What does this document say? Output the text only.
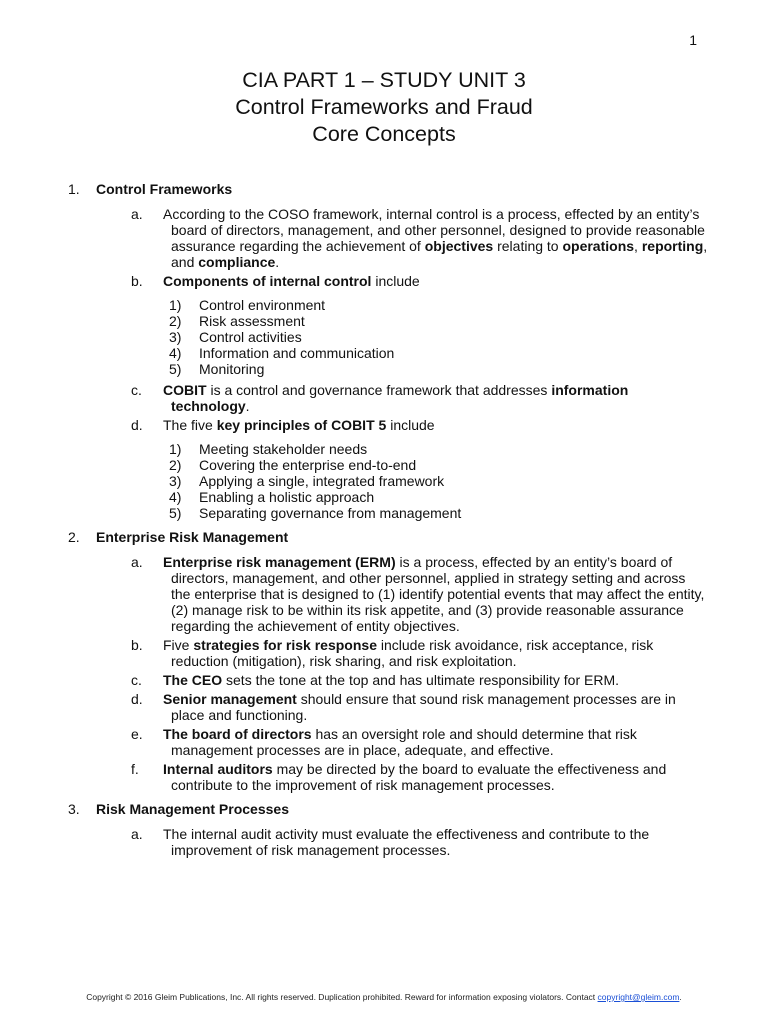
1
CIA PART 1 – STUDY UNIT 3
Control Frameworks and Fraud
Core Concepts
1. Control Frameworks
a. According to the COSO framework, internal control is a process, effected by an entity’s board of directors, management, and other personnel, designed to provide reasonable assurance regarding the achievement of objectives relating to operations, reporting, and compliance.
b. Components of internal control include
1) Control environment
2) Risk assessment
3) Control activities
4) Information and communication
5) Monitoring
c. COBIT is a control and governance framework that addresses information technology.
d. The five key principles of COBIT 5 include
1) Meeting stakeholder needs
2) Covering the enterprise end-to-end
3) Applying a single, integrated framework
4) Enabling a holistic approach
5) Separating governance from management
2. Enterprise Risk Management
a. Enterprise risk management (ERM) is a process, effected by an entity’s board of directors, management, and other personnel, applied in strategy setting and across the enterprise that is designed to (1) identify potential events that may affect the entity, (2) manage risk to be within its risk appetite, and (3) provide reasonable assurance regarding the achievement of entity objectives.
b. Five strategies for risk response include risk avoidance, risk acceptance, risk reduction (mitigation), risk sharing, and risk exploitation.
c. The CEO sets the tone at the top and has ultimate responsibility for ERM.
d. Senior management should ensure that sound risk management processes are in place and functioning.
e. The board of directors has an oversight role and should determine that risk management processes are in place, adequate, and effective.
f. Internal auditors may be directed by the board to evaluate the effectiveness and contribute to the improvement of risk management processes.
3. Risk Management Processes
a. The internal audit activity must evaluate the effectiveness and contribute to the improvement of risk management processes.
Copyright © 2016 Gleim Publications, Inc. All rights reserved. Duplication prohibited. Reward for information exposing violators. Contact copyright@gleim.com.
